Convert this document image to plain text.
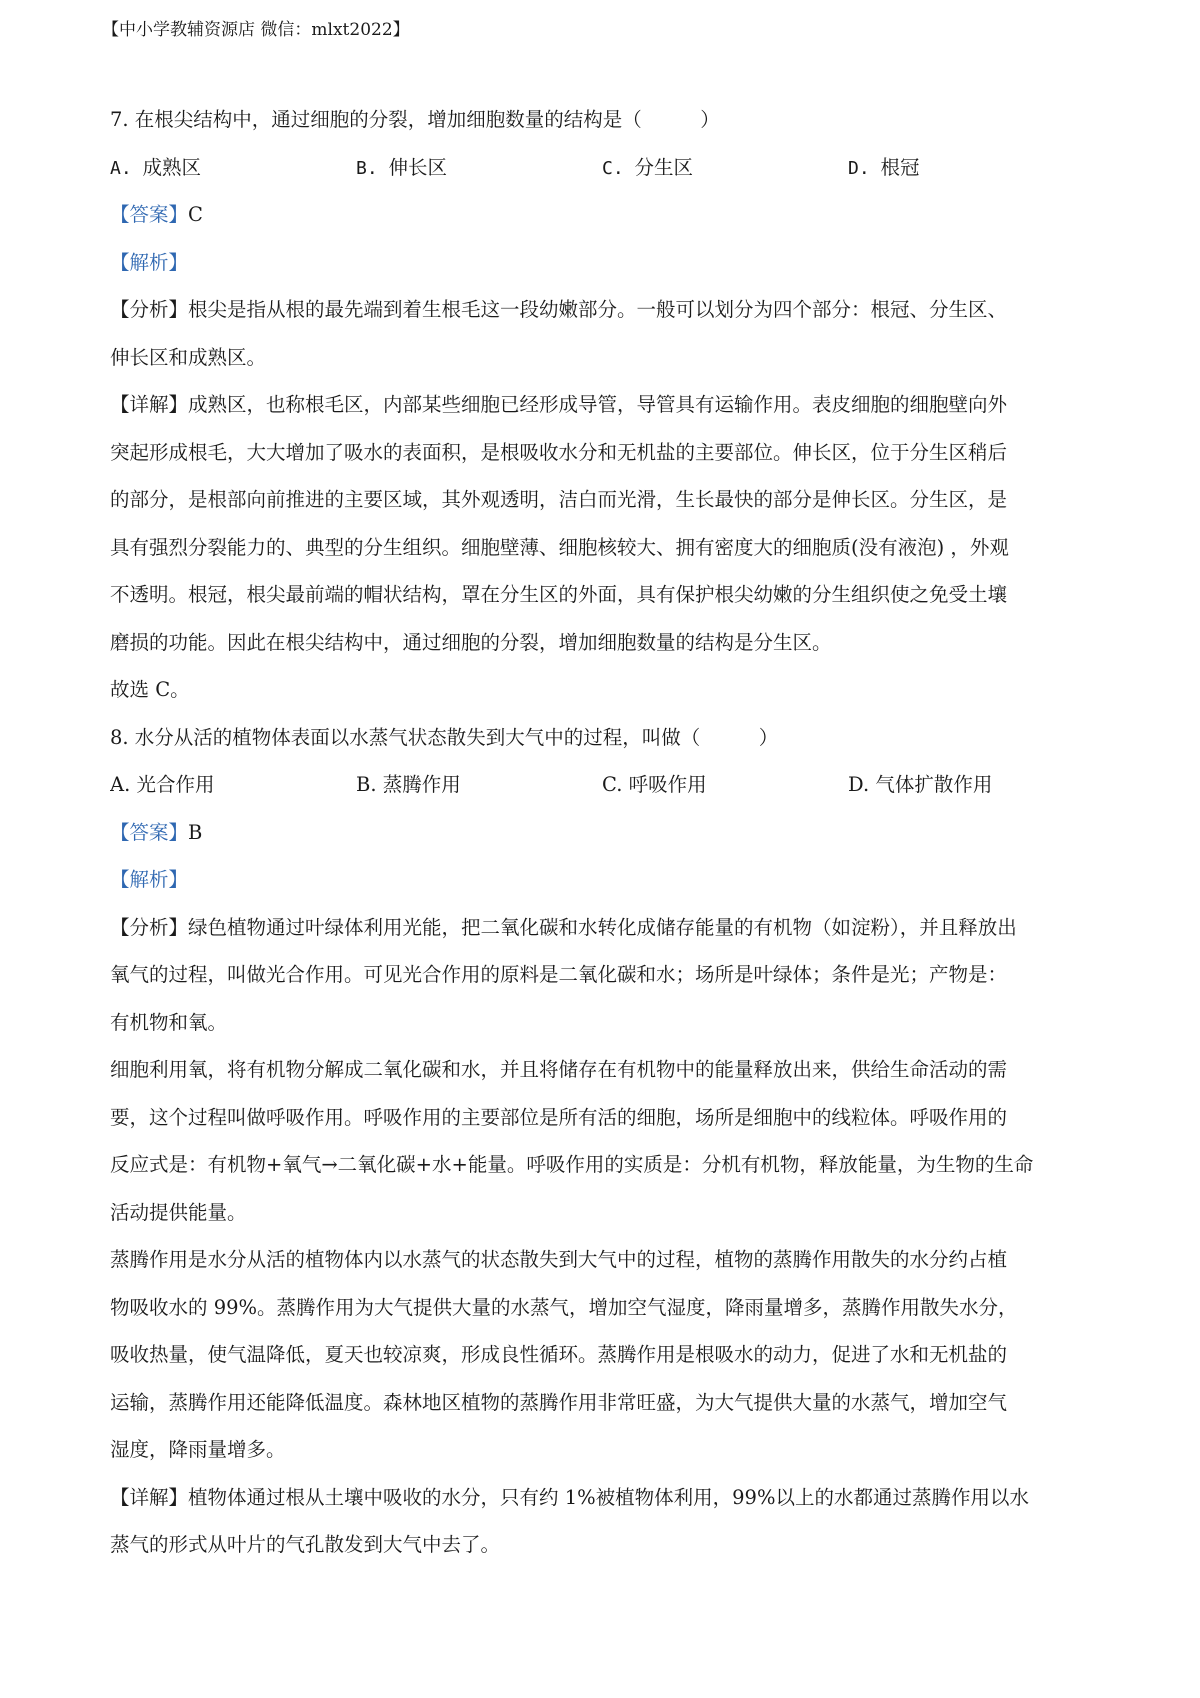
【中小学教辅资源店 微信：mlxt2022】
7. 在根尖结构中，通过细胞的分裂，增加细胞数量的结构是（　　　）
A. 成熟区	B. 伸长区	C. 分生区	D. 根冠
【答案】C
【解析】
【分析】根尖是指从根的最先端到着生根毛这一段幼嫩部分。一般可以划分为四个部分：根冠、分生区、
伸长区和成熟区。
【详解】成熟区，也称根毛区，内部某些细胞已经形成导管，导管具有运输作用。表皮细胞的细胞壁向外
突起形成根毛，大大增加了吸水的表面积，是根吸收水分和无机盐的主要部位。伸长区，位于分生区稍后
的部分，是根部向前推进的主要区域，其外观透明，洁白而光滑，生长最快的部分是伸长区。分生区，是
具有强烈分裂能力的、典型的分生组织。细胞壁薄、细胞核较大、拥有密度大的细胞质(没有液泡) ，外观
不透明。根冠，根尖最前端的帽状结构，罩在分生区的外面，具有保护根尖幼嫩的分生组织使之免受土壤
磨损的功能。因此在根尖结构中，通过细胞的分裂，增加细胞数量的结构是分生区。
故选 C。
8. 水分从活的植物体表面以水蒸气状态散失到大气中的过程，叫做（　　　）
A. 光合作用	B. 蒸腾作用	C. 呼吸作用	D. 气体扩散作用
【答案】B
【解析】
【分析】绿色植物通过叶绿体利用光能，把二氧化碳和水转化成储存能量的有机物（如淀粉），并且释放出
氧气的过程，叫做光合作用。可见光合作用的原料是二氧化碳和水；场所是叶绿体；条件是光；产物是：
有机物和氧。
细胞利用氧，将有机物分解成二氧化碳和水，并且将储存在有机物中的能量释放出来，供给生命活动的需
要，这个过程叫做呼吸作用。呼吸作用的主要部位是所有活的细胞，场所是细胞中的线粒体。呼吸作用的
反应式是：有机物+氧气→二氧化碳+水+能量。呼吸作用的实质是：分机有机物，释放能量，为生物的生命
活动提供能量。
蒸腾作用是水分从活的植物体内以水蒸气的状态散失到大气中的过程，植物的蒸腾作用散失的水分约占植
物吸收水的 99%。蒸腾作用为大气提供大量的水蒸气，增加空气湿度，降雨量增多，蒸腾作用散失水分，
吸收热量，使气温降低，夏天也较凉爽，形成良性循环。蒸腾作用是根吸水的动力，促进了水和无机盐的
运输，蒸腾作用还能降低温度。森林地区植物的蒸腾作用非常旺盛，为大气提供大量的水蒸气，增加空气
湿度，降雨量增多。
【详解】植物体通过根从土壤中吸收的水分，只有约 1%被植物体利用，99%以上的水都通过蒸腾作用以水
蒸气的形式从叶片的气孔散发到大气中去了。
